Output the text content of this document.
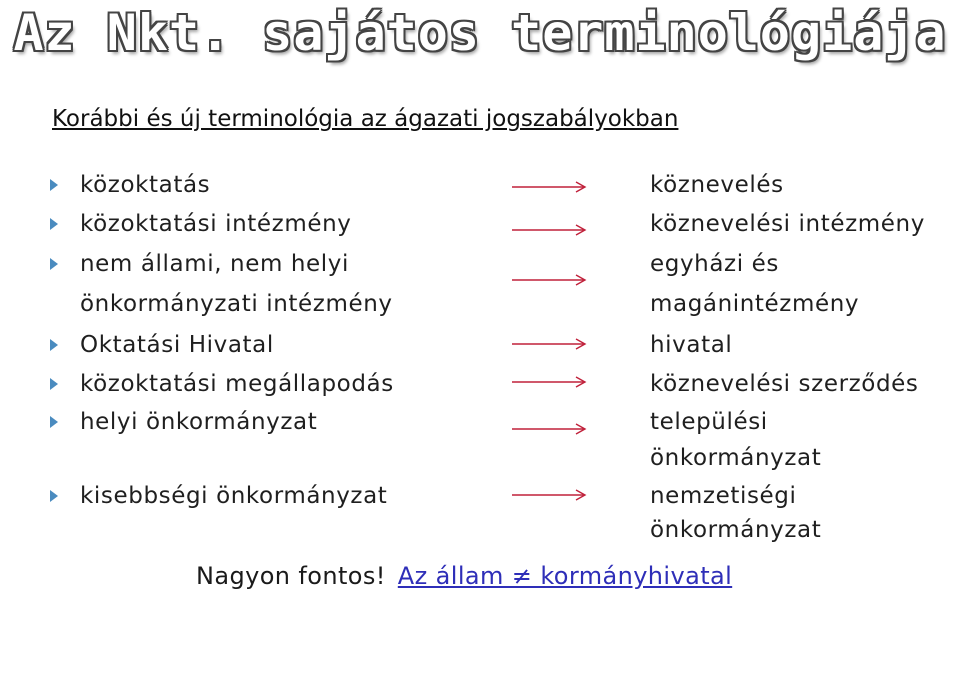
Az Nkt. sajátos terminológiája
Korábbi és új terminológia az ágazati jogszabályokban
közoktatás	köznevelés
közoktatási intézmény	köznevelési intézmény
nem állami, nem helyi	egyházi és
önkormányzati intézmény	magánintézmény
Oktatási Hivatal	hivatal
közoktatási megállapodás	köznevelési szerződés
helyi önkormányzat	települési
önkormányzat
kisebbségi önkormányzat	nemzetiségi
önkormányzat
Nagyon fontos! Az állam ≠ kormányhivatal
